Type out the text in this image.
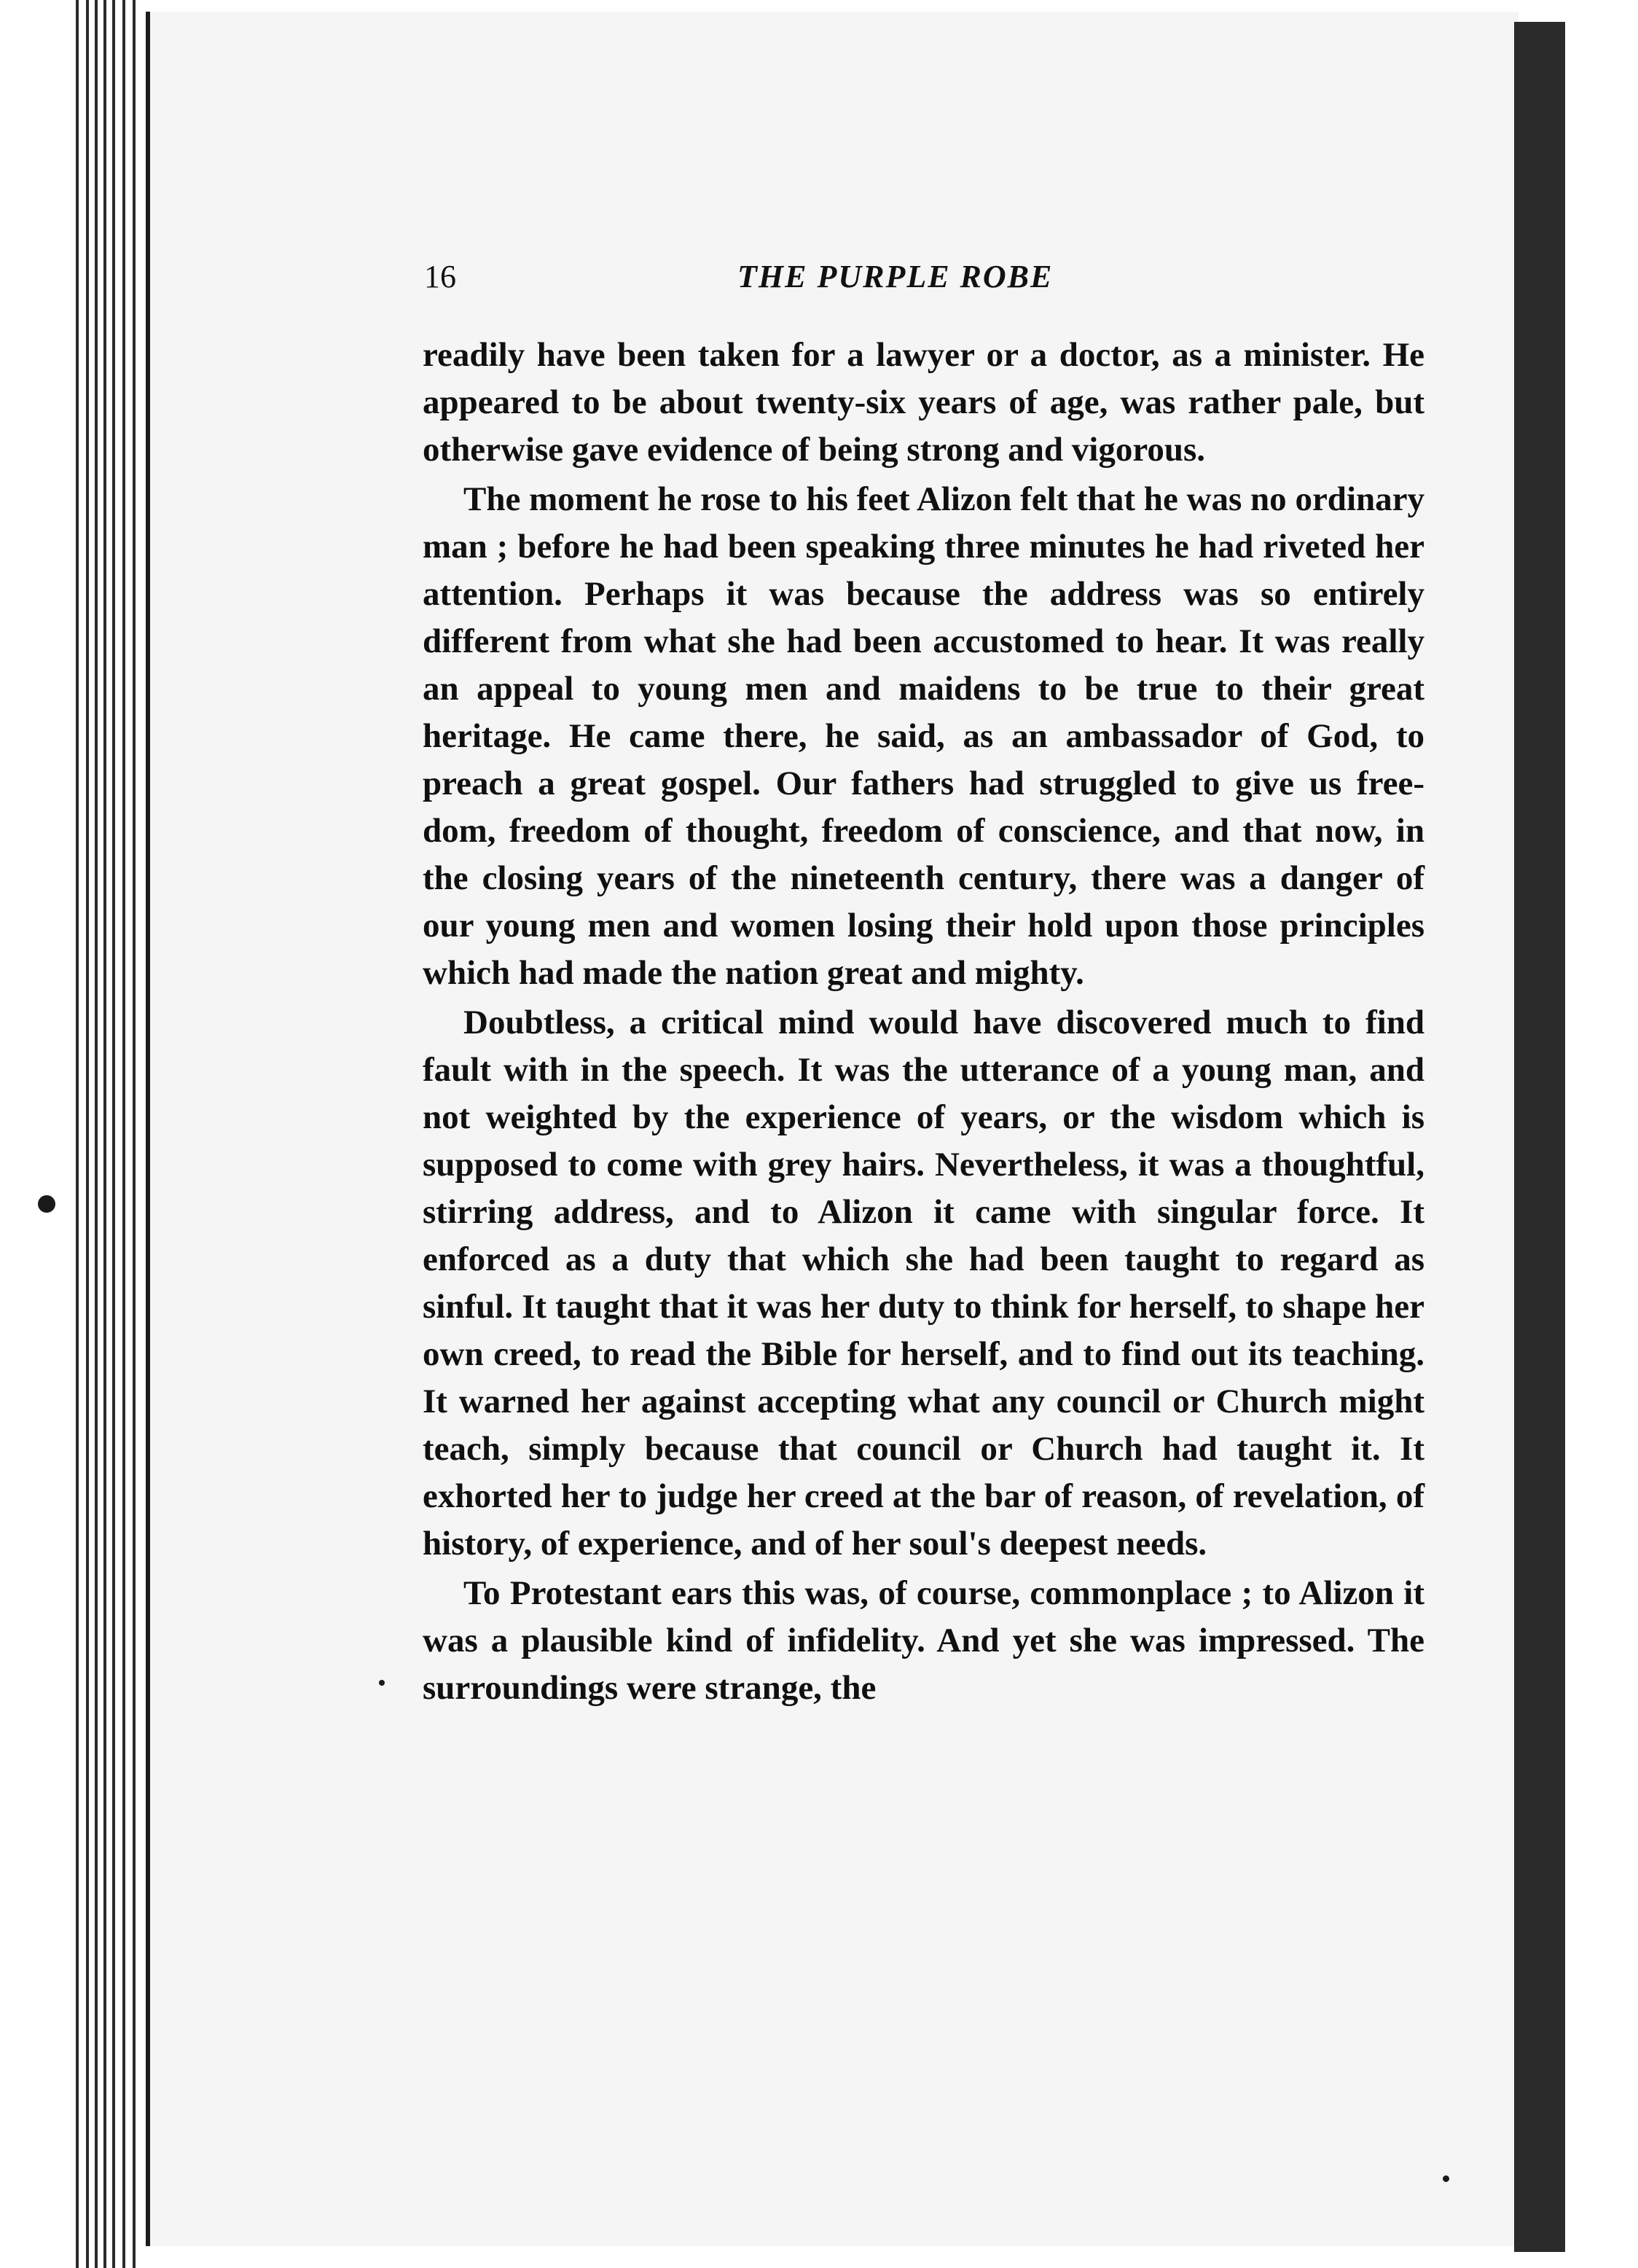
16	THE PURPLE ROBE

readily have been taken for a lawyer or a doctor, as a minister. He appeared to be about twenty-six years of age, was rather pale, but otherwise gave evidence of being strong and vigorous.

The moment he rose to his feet Alizon felt that he was no ordinary man ; before he had been speaking three minutes he had riveted her attention. Perhaps it was because the address was so entirely different from what she had been accustomed to hear. It was really an appeal to young men and maidens to be true to their great heritage. He came there, he said, as an ambassador of God, to preach a great gospel. Our fathers had struggled to give us free-dom, freedom of thought, freedom of conscience, and that now, in the closing years of the nineteenth century, there was a danger of our young men and women losing their hold upon those principles which had made the nation great and mighty.

Doubtless, a critical mind would have discovered much to find fault with in the speech. It was the utterance of a young man, and not weighted by the experience of years, or the wisdom which is supposed to come with grey hairs. Nevertheless, it was a thoughtful, stirring address, and to Alizon it came with singular force. It enforced as a duty that which she had been taught to regard as sinful. It taught that it was her duty to think for herself, to shape her own creed, to read the Bible for herself, and to find out its teaching. It warned her against accepting what any council or Church might teach, simply because that council or Church had taught it. It exhorted her to judge her creed at the bar of reason, of revelation, of history, of experience, and of her soul's deepest needs.

To Protestant ears this was, of course, commonplace ; to Alizon it was a plausible kind of infidelity. And yet she was impressed. The surroundings were strange, the
